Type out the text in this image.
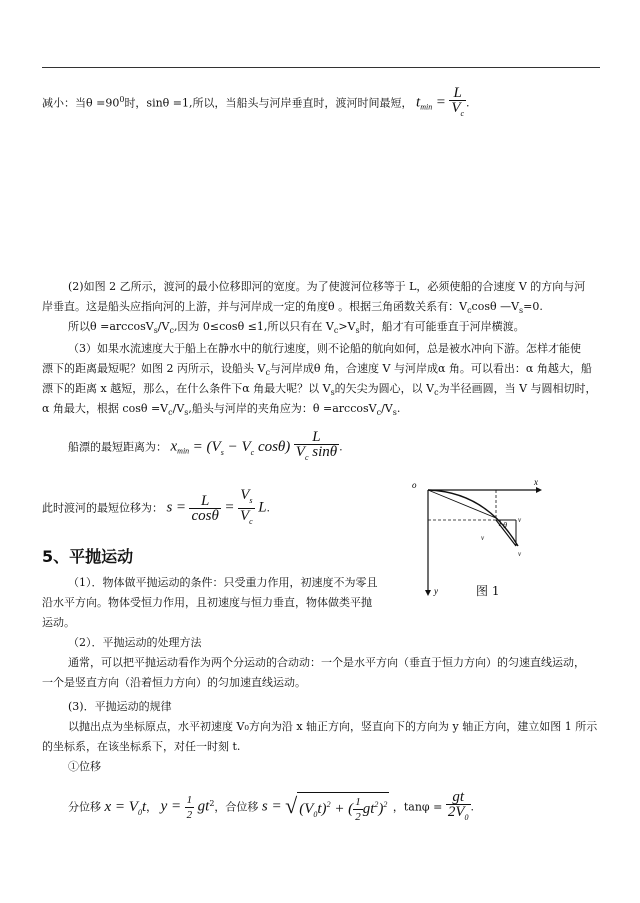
减小：当$\theta =90^0$时，sinθ =1,所以，当船头与河岸垂直时，渡河时间最短， $t_{min} = \frac{L}{V_c}$ .
(2)如图 2 乙所示，渡河的最小位移即河的宽度。为了使渡河位移等于 L，必须使船的合速度 V 的方向与河
岸垂直。这是船头应指向河的上游，并与河岸成一定的角度θ 。根据三角函数关系有：$V_c\cos\theta$ $—V_s=0$.
所以$\theta =\arccos V_s/V_c$,因为 0≤cosθ ≤1,所以只有在 $V_c>V_s$时，船才有可能垂直于河岸横渡。
（3）如果水流速度大于船上在静水中的航行速度，则不论船的航向如何，总是被水冲向下游。怎样才能使
漂下的距离最短呢？如图 2 丙所示，设船头 $V_c$与河岸成θ 角，合速度 V 与河岸成α 角。可以看出：α 角越大，船
漂下的距离 x 越短，那么，在什么条件下α 角最大呢？以 $V_s$的矢尖为圆心，以 $V_c$为半径画圆，当 V 与圆相切时，
α 角最大，根据 $\cos\theta =V_c/V_s$,船头与河岸的夹角应为：$\theta =\arccos V_c/V_s$.
船漂的最短距离为： $x_{min} = (V_s - V_c$ $\cos\theta) \frac{L}{V_c \sin\theta}$ .
此时渡河的最短位移为： $s = \frac{L}{\cos\theta} = \frac{V_s}{V_c} L$.
o	x
y
θ
v
v
v
图 1
5、平抛运动
（1）．物体做平抛运动的条件：只受重力作用，初速度不为零且
沿水平方向。物体受恒力作用，且初速度与恒力垂直，物体做类平抛
运动。
（2）．平抛运动的处理方法
通常，可以把平抛运动看作为两个分运动的合动动：一个是水平方向（垂直于恒力方向）的匀速直线运动，
一个是竖直方向（沿着恒力方向）的匀加速直线运动。
(3)．平抛运动的规律
以抛出点为坐标原点，水平初速度 V₀方向为沿 x 轴正方向，竖直向下的方向为 y 轴正方向，建立如图 1 所示
的坐标系，在该坐标系下，对任一时刻 t.
①位移
分位移 $x = V_0t$， $y = \frac{1}{2} gt^2$，合位移 s = √ $(V_0t)^2$ + ( $\frac{1}{2} gt^2)^2$ ，$\tan\varphi = \frac{gt}{2V_0}$ .
